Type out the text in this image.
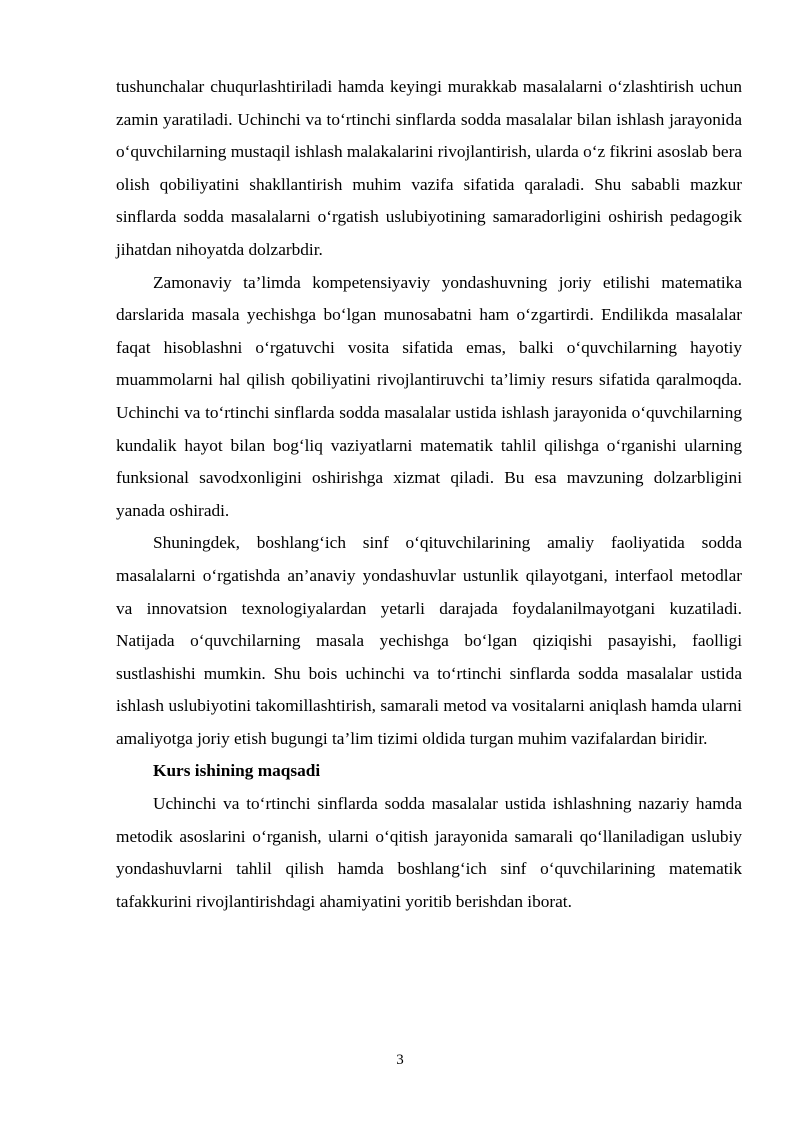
tushunchalar chuqurlashtiriladi hamda keyingi murakkab masalalarni o‘zlashtirish uchun zamin yaratiladi. Uchinchi va to‘rtinchi sinflarda sodda masalalar bilan ishlash jarayonida o‘quvchilarning mustaqil ishlash malakalarini rivojlantirish, ularda o‘z fikrini asoslab bera olish qobiliyatini shakllantirish muhim vazifa sifatida qaraladi. Shu sababli mazkur sinflarda sodda masalalarni o‘rgatish uslubiyotining samaradorligini oshirish pedagogik jihatdan nihoyatda dolzarbdir.

Zamonaviy ta’limda kompetensiyaviy yondashuvning joriy etilishi matematika darslarida masala yechishga bo‘lgan munosabatni ham o‘zgartirdi. Endilikda masalalar faqat hisoblashni o‘rgatuvchi vosita sifatida emas, balki o‘quvchilarning hayotiy muammolarni hal qilish qobiliyatini rivojlantiruvchi ta’limiy resurs sifatida qaralmoqda. Uchinchi va to‘rtinchi sinflarda sodda masalalar ustida ishlash jarayonida o‘quvchilarning kundalik hayot bilan bog‘liq vaziyatlarni matematik tahlil qilishga o‘rganishi ularning funksional savodxonligini oshirishga xizmat qiladi. Bu esa mavzuning dolzarbligini yanada oshiradi.

Shuningdek, boshlang‘ich sinf o‘qituvchilarining amaliy faoliyatida sodda masalalarni o‘rgatishda an’anaviy yondashuvlar ustunlik qilayotgani, interfaol metodlar va innovatsion texnologiyalardan yetarli darajada foydalanilmayotgani kuzatiladi. Natijada o‘quvchilarning masala yechishga bo‘lgan qiziqishi pasayishi, faolligi sustlashishi mumkin. Shu bois uchinchi va to‘rtinchi sinflarda sodda masalalar ustida ishlash uslubiyotini takomillashtirish, samarali metod va vositalarni aniqlash hamda ularni amaliyotga joriy etish bugungi ta’lim tizimi oldida turgan muhim vazifalardan biridir.

Kurs ishining maqsadi

Uchinchi va to‘rtinchi sinflarda sodda masalalar ustida ishlashning nazariy hamda metodik asoslarini o‘rganish, ularni o‘qitish jarayonida samarali qo‘llaniladigan uslubiy yondashuvlarni tahlil qilish hamda boshlang‘ich sinf o‘quvchilarining matematik tafakkurini rivojlantirishdagi ahamiyatini yoritib berishdan iborat.

3
